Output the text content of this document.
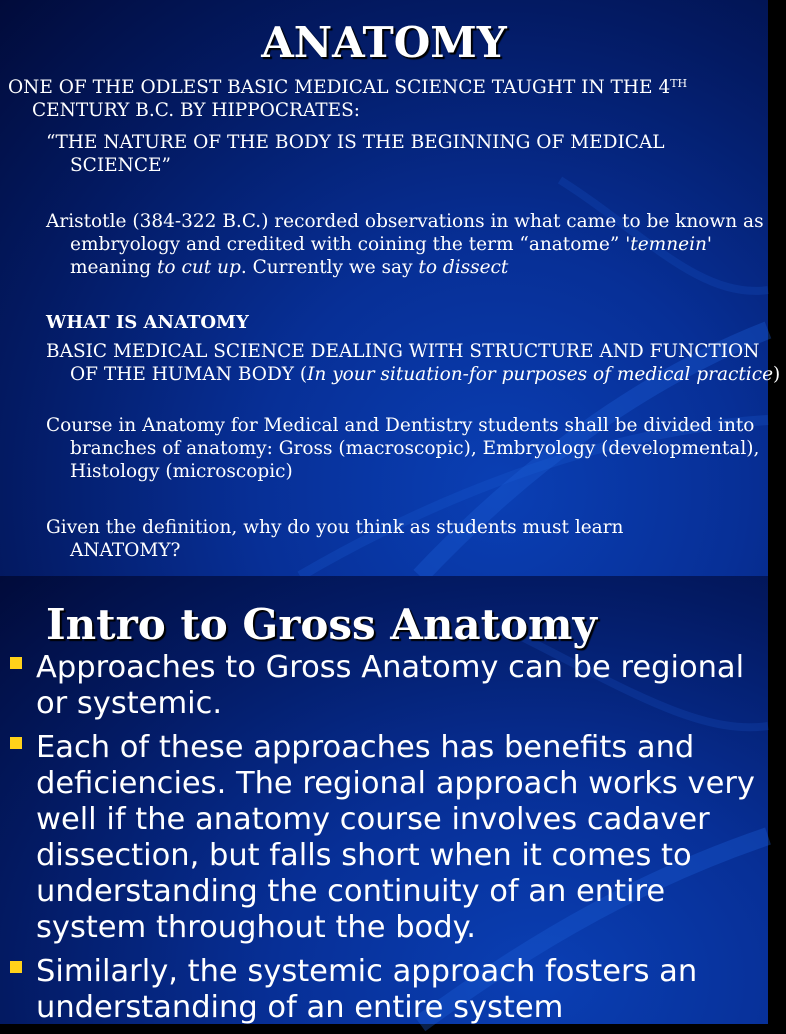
ANATOMY
ONE OF THE ODLEST BASIC MEDICAL SCIENCE TAUGHT IN THE 4TH CENTURY B.C. BY HIPPOCRATES:
“THE NATURE OF THE BODY IS THE BEGINNING OF MEDICAL SCIENCE”
Aristotle (384-322 B.C.) recorded observations in what came to be known as embryology and credited with coining the term “anatome” 'temnein' meaning to cut up. Currently we say to dissect
WHAT IS ANATOMY
BASIC MEDICAL SCIENCE DEALING WITH STRUCTURE AND FUNCTION OF THE HUMAN BODY (In your situation-for purposes of medical practice)
Course in Anatomy for Medical and Dentistry students shall be divided into branches of anatomy: Gross (macroscopic), Embryology (developmental), Histology (microscopic)
Given the definition, why do you think as students must learn ANATOMY?
Intro to Gross Anatomy
Approaches to Gross Anatomy can be regional or systemic.
Each of these approaches has benefits and deficiencies. The regional approach works very well if the anatomy course involves cadaver dissection, but falls short when it comes to understanding the continuity of an entire system throughout the body.
Similarly, the systemic approach fosters an understanding of an entire system
